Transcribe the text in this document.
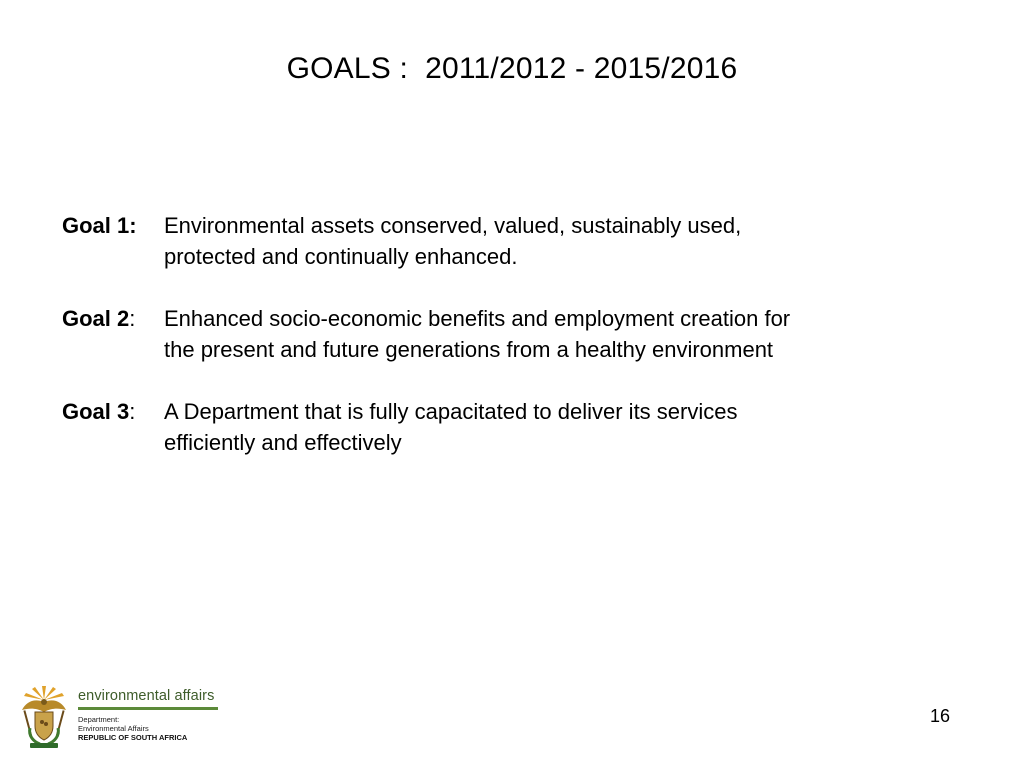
GOALS :  2011/2012 - 2015/2016
Goal 1:	Environmental assets conserved, valued, sustainably used,
protected and continually enhanced.
Goal 2:	Enhanced socio-economic benefits and employment creation for
the present and future generations from a healthy environment
Goal 3:	A Department that is fully capacitated to deliver its services
efficiently and effectively
environmental affairs
Department:
Environmental Affairs
REPUBLIC OF SOUTH AFRICA
16
